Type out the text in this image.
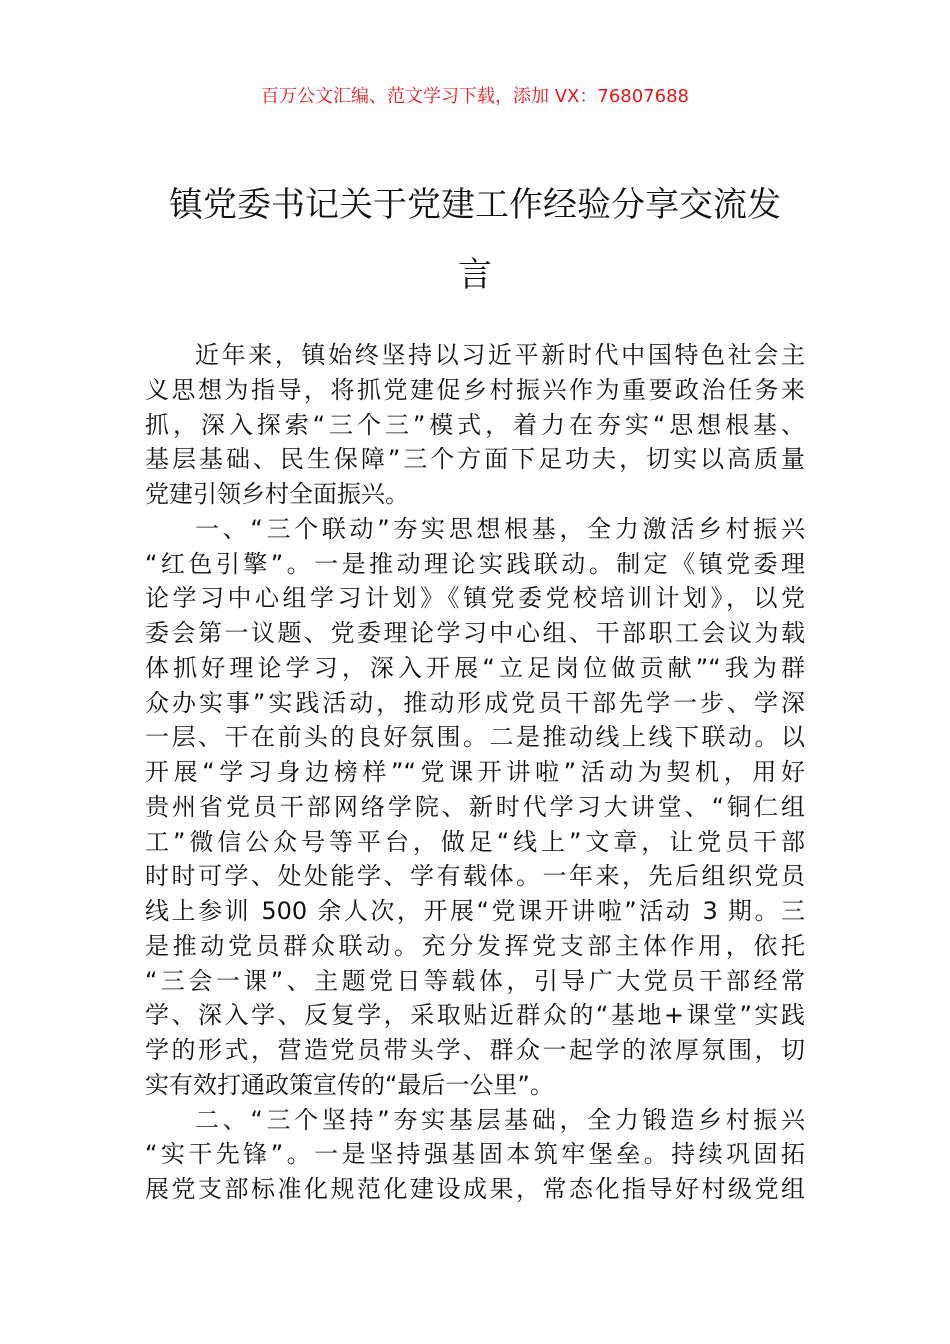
百万公文汇编、范文学习下载，添加 VX：76807688
镇党委书记关于党建工作经验分享交流发
言
近年来，镇始终坚持以习近平新时代中国特色社会主
义思想为指导，将抓党建促乡村振兴作为重要政治任务来
抓，深入探索“三个三”模式，着力在夯实“思想根基、
基层基础、民生保障”三个方面下足功夫，切实以高质量
党建引领乡村全面振兴。
一、“三个联动”夯实思想根基，全力激活乡村振兴
“红色引擎”。一是推动理论实践联动。制定《镇党委理
论学习中心组学习计划》《镇党委党校培训计划》，以党
委会第一议题、党委理论学习中心组、干部职工会议为载
体抓好理论学习，深入开展“立足岗位做贡献”“我为群
众办实事”实践活动，推动形成党员干部先学一步、学深
一层、干在前头的良好氛围。二是推动线上线下联动。以
开展“学习身边榜样”“党课开讲啦”活动为契机，用好
贵州省党员干部网络学院、新时代学习大讲堂、“铜仁组
工”微信公众号等平台，做足“线上”文章，让党员干部
时时可学、处处能学、学有载体。一年来，先后组织党员
线上参训 500 余人次，开展“党课开讲啦”活动 3 期。三
是推动党员群众联动。充分发挥党支部主体作用，依托
“三会一课”、主题党日等载体，引导广大党员干部经常
学、深入学、反复学，采取贴近群众的“基地+课堂”实践
学的形式，营造党员带头学、群众一起学的浓厚氛围，切
实有效打通政策宣传的“最后一公里”。
二、“三个坚持”夯实基层基础，全力锻造乡村振兴
“实干先锋”。一是坚持强基固本筑牢堡垒。持续巩固拓
展党支部标准化规范化建设成果，常态化指导好村级党组
